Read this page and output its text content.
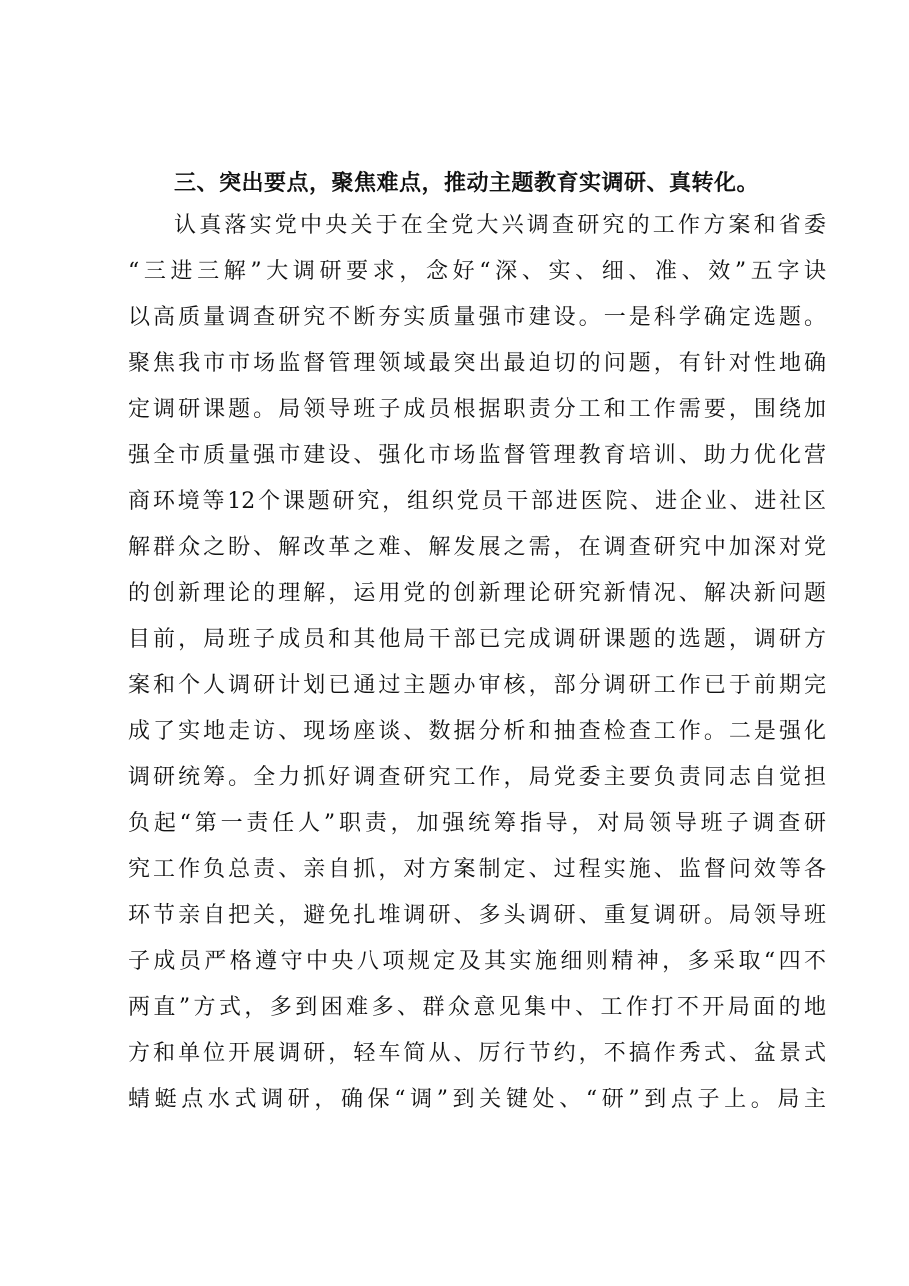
三、突出要点，聚焦难点，推动主题教育实调研、真转化。
认真落实党中央关于在全党大兴调查研究的工作方案和省委
“三进三解”大调研要求，念好“深、实、细、准、效”五字诀
以高质量调查研究不断夯实质量强市建设。一是科学确定选题。
聚焦我市市场监督管理领域最突出最迫切的问题，有针对性地确
定调研课题。局领导班子成员根据职责分工和工作需要，围绕加
强全市质量强市建设、强化市场监督管理教育培训、助力优化营
商环境等12个课题研究，组织党员干部进医院、进企业、进社区
解群众之盼、解改革之难、解发展之需，在调查研究中加深对党
的创新理论的理解，运用党的创新理论研究新情况、解决新问题
目前，局班子成员和其他局干部已完成调研课题的选题，调研方
案和个人调研计划已通过主题办审核，部分调研工作已于前期完
成了实地走访、现场座谈、数据分析和抽查检查工作。二是强化
调研统筹。全力抓好调查研究工作，局党委主要负责同志自觉担
负起“第一责任人”职责，加强统筹指导，对局领导班子调查研
究工作负总责、亲自抓，对方案制定、过程实施、监督问效等各
环节亲自把关，避免扎堆调研、多头调研、重复调研。局领导班
子成员严格遵守中央八项规定及其实施细则精神，多采取“四不
两直”方式，多到困难多、群众意见集中、工作打不开局面的地
方和单位开展调研，轻车简从、厉行节约，不搞作秀式、盆景式
蜻蜓点水式调研，确保“调”到关键处、“研”到点子上。局主
